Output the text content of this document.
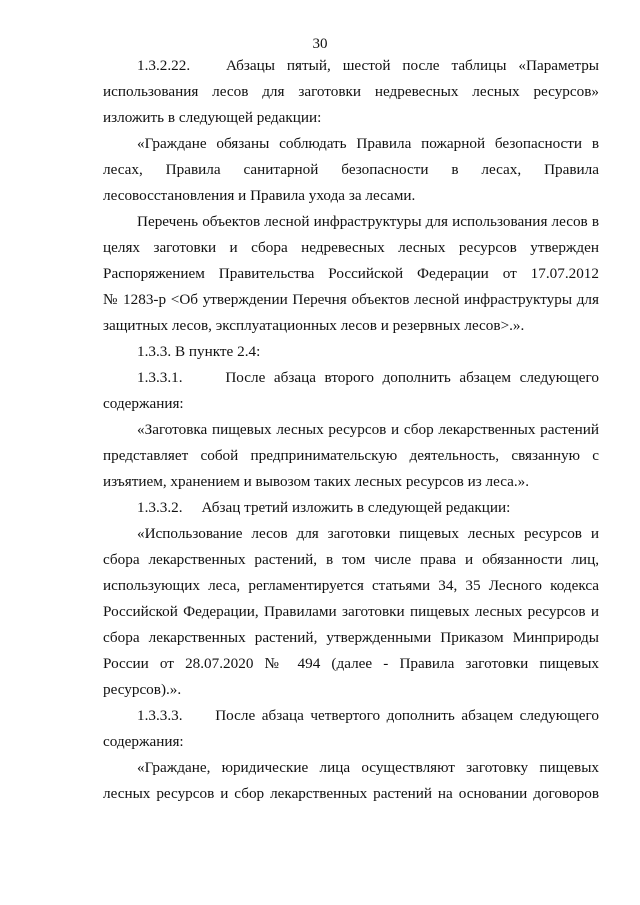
30
1.3.2.22.   Абзацы пятый, шестой после таблицы «Параметры
использования лесов для заготовки недревесных лесных ресурсов»
изложить в следующей редакции:
«Граждане обязаны соблюдать Правила пожарной безопасности в
лесах, Правила санитарной безопасности в лесах, Правила
лесовосстановления и Правила ухода за лесами.
Перечень объектов лесной инфраструктуры для использования лесов в
целях заготовки и сбора недревесных лесных ресурсов утвержден
Распоряжением Правительства Российской Федерации от 17.07.2012
№ 1283-р <Об утверждении Перечня объектов лесной инфраструктуры для
защитных лесов, эксплуатационных лесов и резервных лесов>.».
1.3.3. В пункте 2.4:
1.3.3.1.     После абзаца второго дополнить абзацем следующего
содержания:
«Заготовка пищевых лесных ресурсов и сбор лекарственных растений
представляет собой предпринимательскую деятельность, связанную с
изъятием, хранением и вывозом таких лесных ресурсов из леса.».
1.3.3.2.     Абзац третий изложить в следующей редакции:
«Использование лесов для заготовки пищевых лесных ресурсов и
сбора лекарственных растений, в том числе права и обязанности лиц,
использующих леса, регламентируется статьями 34, 35 Лесного кодекса
Российской Федерации, Правилами заготовки пищевых лесных ресурсов и
сбора лекарственных растений, утвержденными Приказом Минприроды
России от 28.07.2020 № 494 (далее - Правила заготовки пищевых
ресурсов).».
1.3.3.3.     После абзаца четвертого дополнить абзацем следующего
содержания:
«Граждане, юридические лица осуществляют заготовку пищевых
лесных ресурсов и сбор лекарственных растений на основании договоров
